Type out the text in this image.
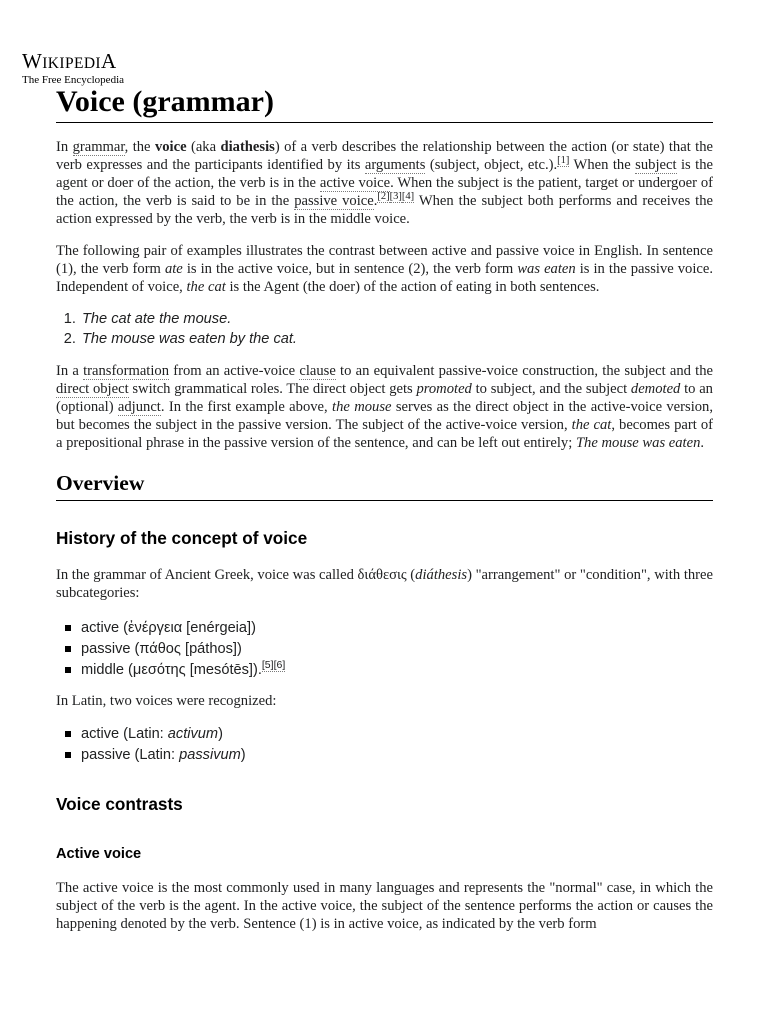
WIKIPEDIA
The Free Encyclopedia
Voice (grammar)

In grammar, the voice (aka diathesis) of a verb describes the relationship between the action (or state) that the verb expresses and the participants identified by its arguments (subject, object, etc.).[1] When the subject is the agent or doer of the action, the verb is in the active voice. When the subject is the patient, target or undergoer of the action, the verb is said to be in the passive voice.[2][3][4] When the subject both performs and receives the action expressed by the verb, the verb is in the middle voice.

The following pair of examples illustrates the contrast between active and passive voice in English. In sentence (1), the verb form ate is in the active voice, but in sentence (2), the verb form was eaten is in the passive voice. Independent of voice, the cat is the Agent (the doer) of the action of eating in both sentences.

1. The cat ate the mouse.
2. The mouse was eaten by the cat.

In a transformation from an active-voice clause to an equivalent passive-voice construction, the subject and the direct object switch grammatical roles. The direct object gets promoted to subject, and the subject demoted to an (optional) adjunct. In the first example above, the mouse serves as the direct object in the active-voice version, but becomes the subject in the passive version. The subject of the active-voice version, the cat, becomes part of a prepositional phrase in the passive version of the sentence, and can be left out entirely; The mouse was eaten.

Overview
History of the concept of voice

In the grammar of Ancient Greek, voice was called διάθεσις (diáthesis) "arrangement" or "condition", with three subcategories:

active (ἐνέργεια [enérgeia])
passive (πάθος [páthos])
middle (μεσότης [mesótēs]).[5][6]

In Latin, two voices were recognized:

active (Latin: activum)
passive (Latin: passivum)
Voice contrasts
Active voice

The active voice is the most commonly used in many languages and represents the "normal" case, in which the subject of the verb is the agent. In the active voice, the subject of the sentence performs the action or causes the happening denoted by the verb. Sentence (1) is in active voice, as indicated by the verb form
